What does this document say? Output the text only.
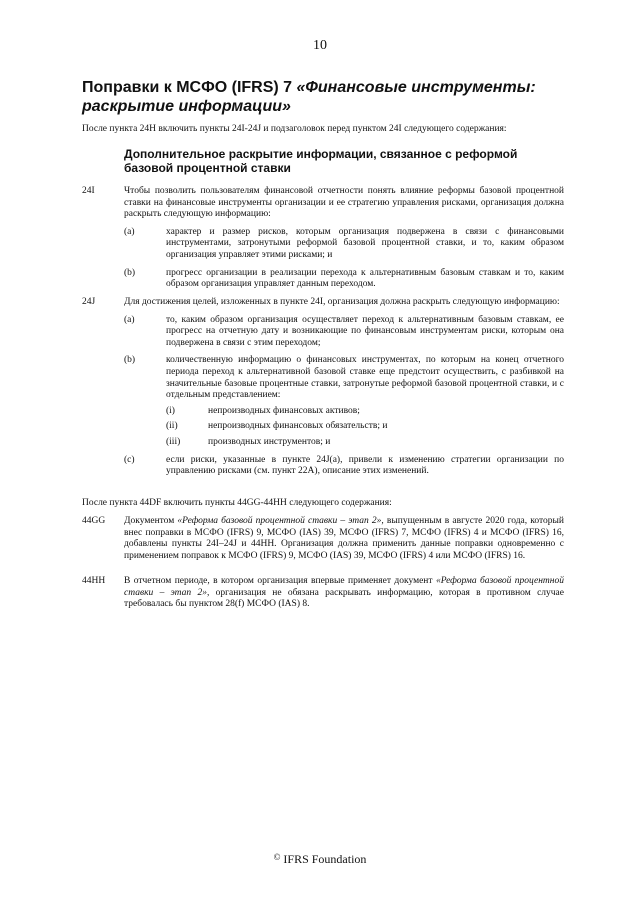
10
Поправки к МСФО (IFRS) 7 «Финансовые инструменты: раскрытие информации»
После пункта 24H включить пункты 24I-24J и подзаголовок перед пунктом 24I следующего содержания:
Дополнительное раскрытие информации, связанное с реформой базовой процентной ставки
24I	Чтобы позволить пользователям финансовой отчетности понять влияние реформы базовой процентной ставки на финансовые инструменты организации и ее стратегию управления рисками, организация должна раскрыть следующую информацию:
(a)	характер и размер рисков, которым организация подвержена в связи с финансовыми инструментами, затронутыми реформой базовой процентной ставки, и то, каким образом организация управляет этими рисками; и
(b)	прогресс организации в реализации перехода к альтернативным базовым ставкам и то, каким образом организация управляет данным переходом.
24J	Для достижения целей, изложенных в пункте 24I, организация должна раскрыть следующую информацию:
(a)	то, каким образом организация осуществляет переход к альтернативным базовым ставкам, ее прогресс на отчетную дату и возникающие по финансовым инструментам риски, которым она подвержена в связи с этим переходом;
(b)	количественную информацию о финансовых инструментах, по которым на конец отчетного периода переход к альтернативной базовой ставке еще предстоит осуществить, с разбивкой на значительные базовые процентные ставки, затронутые реформой базовой процентной ставки, и с отдельным представлением:
(i)	непроизводных финансовых активов;
(ii)	непроизводных финансовых обязательств; и
(iii)	производных инструментов; и
(c)	если риски, указанные в пункте 24J(a), привели к изменению стратегии организации по управлению рисками (см. пункт 22A), описание этих изменений.
После пункта 44DF включить пункты 44GG-44HH следующего содержания:
44GG Документом «Реформа базовой процентной ставки – этап 2», выпущенным в августе 2020 года, который внес поправки в МСФО (IFRS) 9, МСФО (IAS) 39, МСФО (IFRS) 7, МСФО (IFRS) 4 и МСФО (IFRS) 16, добавлены пункты 24I–24J и 44HH. Организация должна применить данные поправки одновременно с применением поправок к МСФО (IFRS) 9, МСФО (IAS) 39, МСФО (IFRS) 4 или МСФО (IFRS) 16.
44HH В отчетном периоде, в котором организация впервые применяет документ «Реформа базовой процентной ставки – этап 2», организация не обязана раскрывать информацию, которая в противном случае требовалась бы пунктом 28(f) МСФО (IAS) 8.
© IFRS Foundation
